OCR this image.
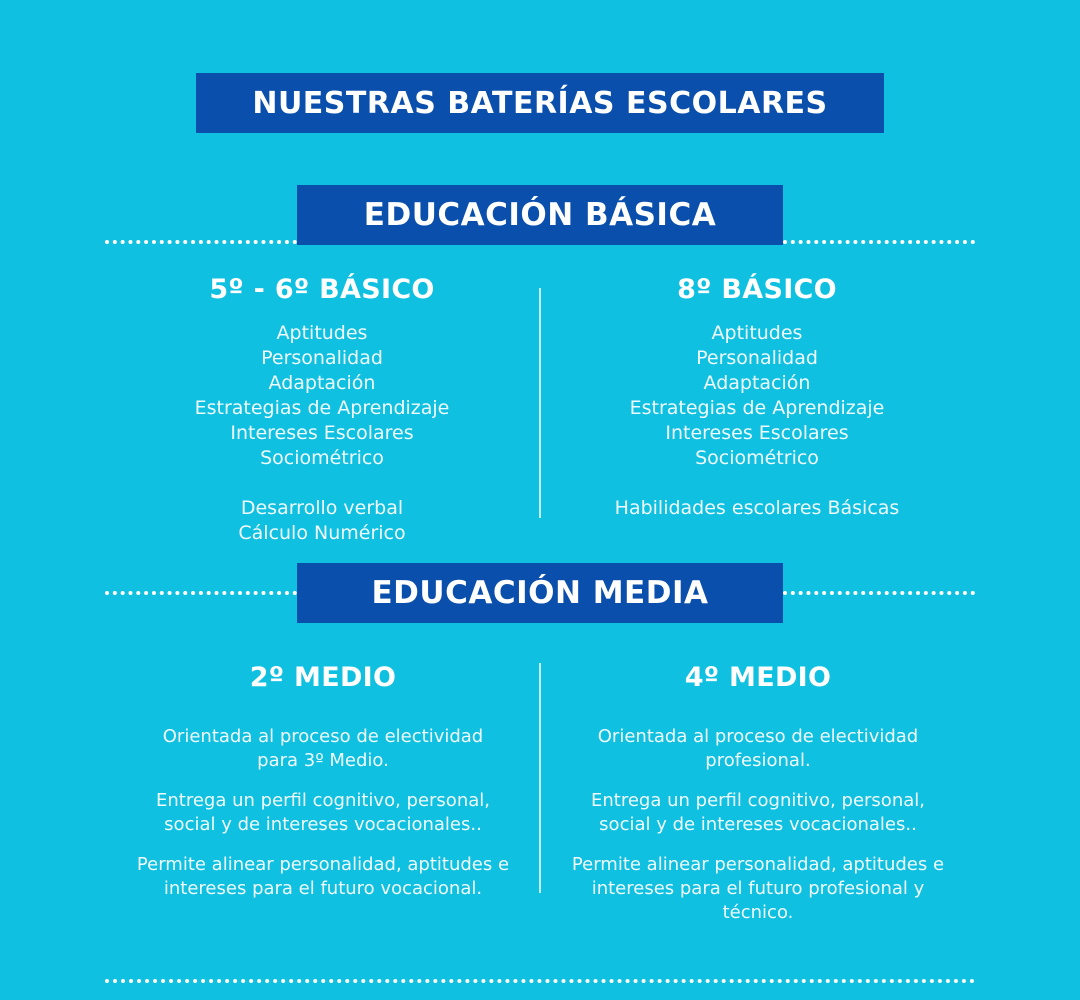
NUESTRAS BATERÍAS ESCOLARES
EDUCACIÓN BÁSICA
5º - 6º BÁSICO
Aptitudes
Personalidad
Adaptación
Estrategias de Aprendizaje
Intereses Escolares
Sociométrico
Desarrollo verbal
Cálculo Numérico
8º BÁSICO
Aptitudes
Personalidad
Adaptación
Estrategias de Aprendizaje
Intereses Escolares
Sociométrico
Habilidades escolares Básicas
EDUCACIÓN MEDIA
2º MEDIO
Orientada al proceso de electividad para 3º Medio.
Entrega un perfil cognitivo, personal, social y de intereses vocacionales..
Permite alinear personalidad, aptitudes e intereses para el futuro vocacional.
4º MEDIO
Orientada al proceso de electividad profesional.
Entrega un perfil cognitivo, personal, social y de intereses vocacionales..
Permite alinear personalidad, aptitudes e intereses para el futuro profesional y técnico.
